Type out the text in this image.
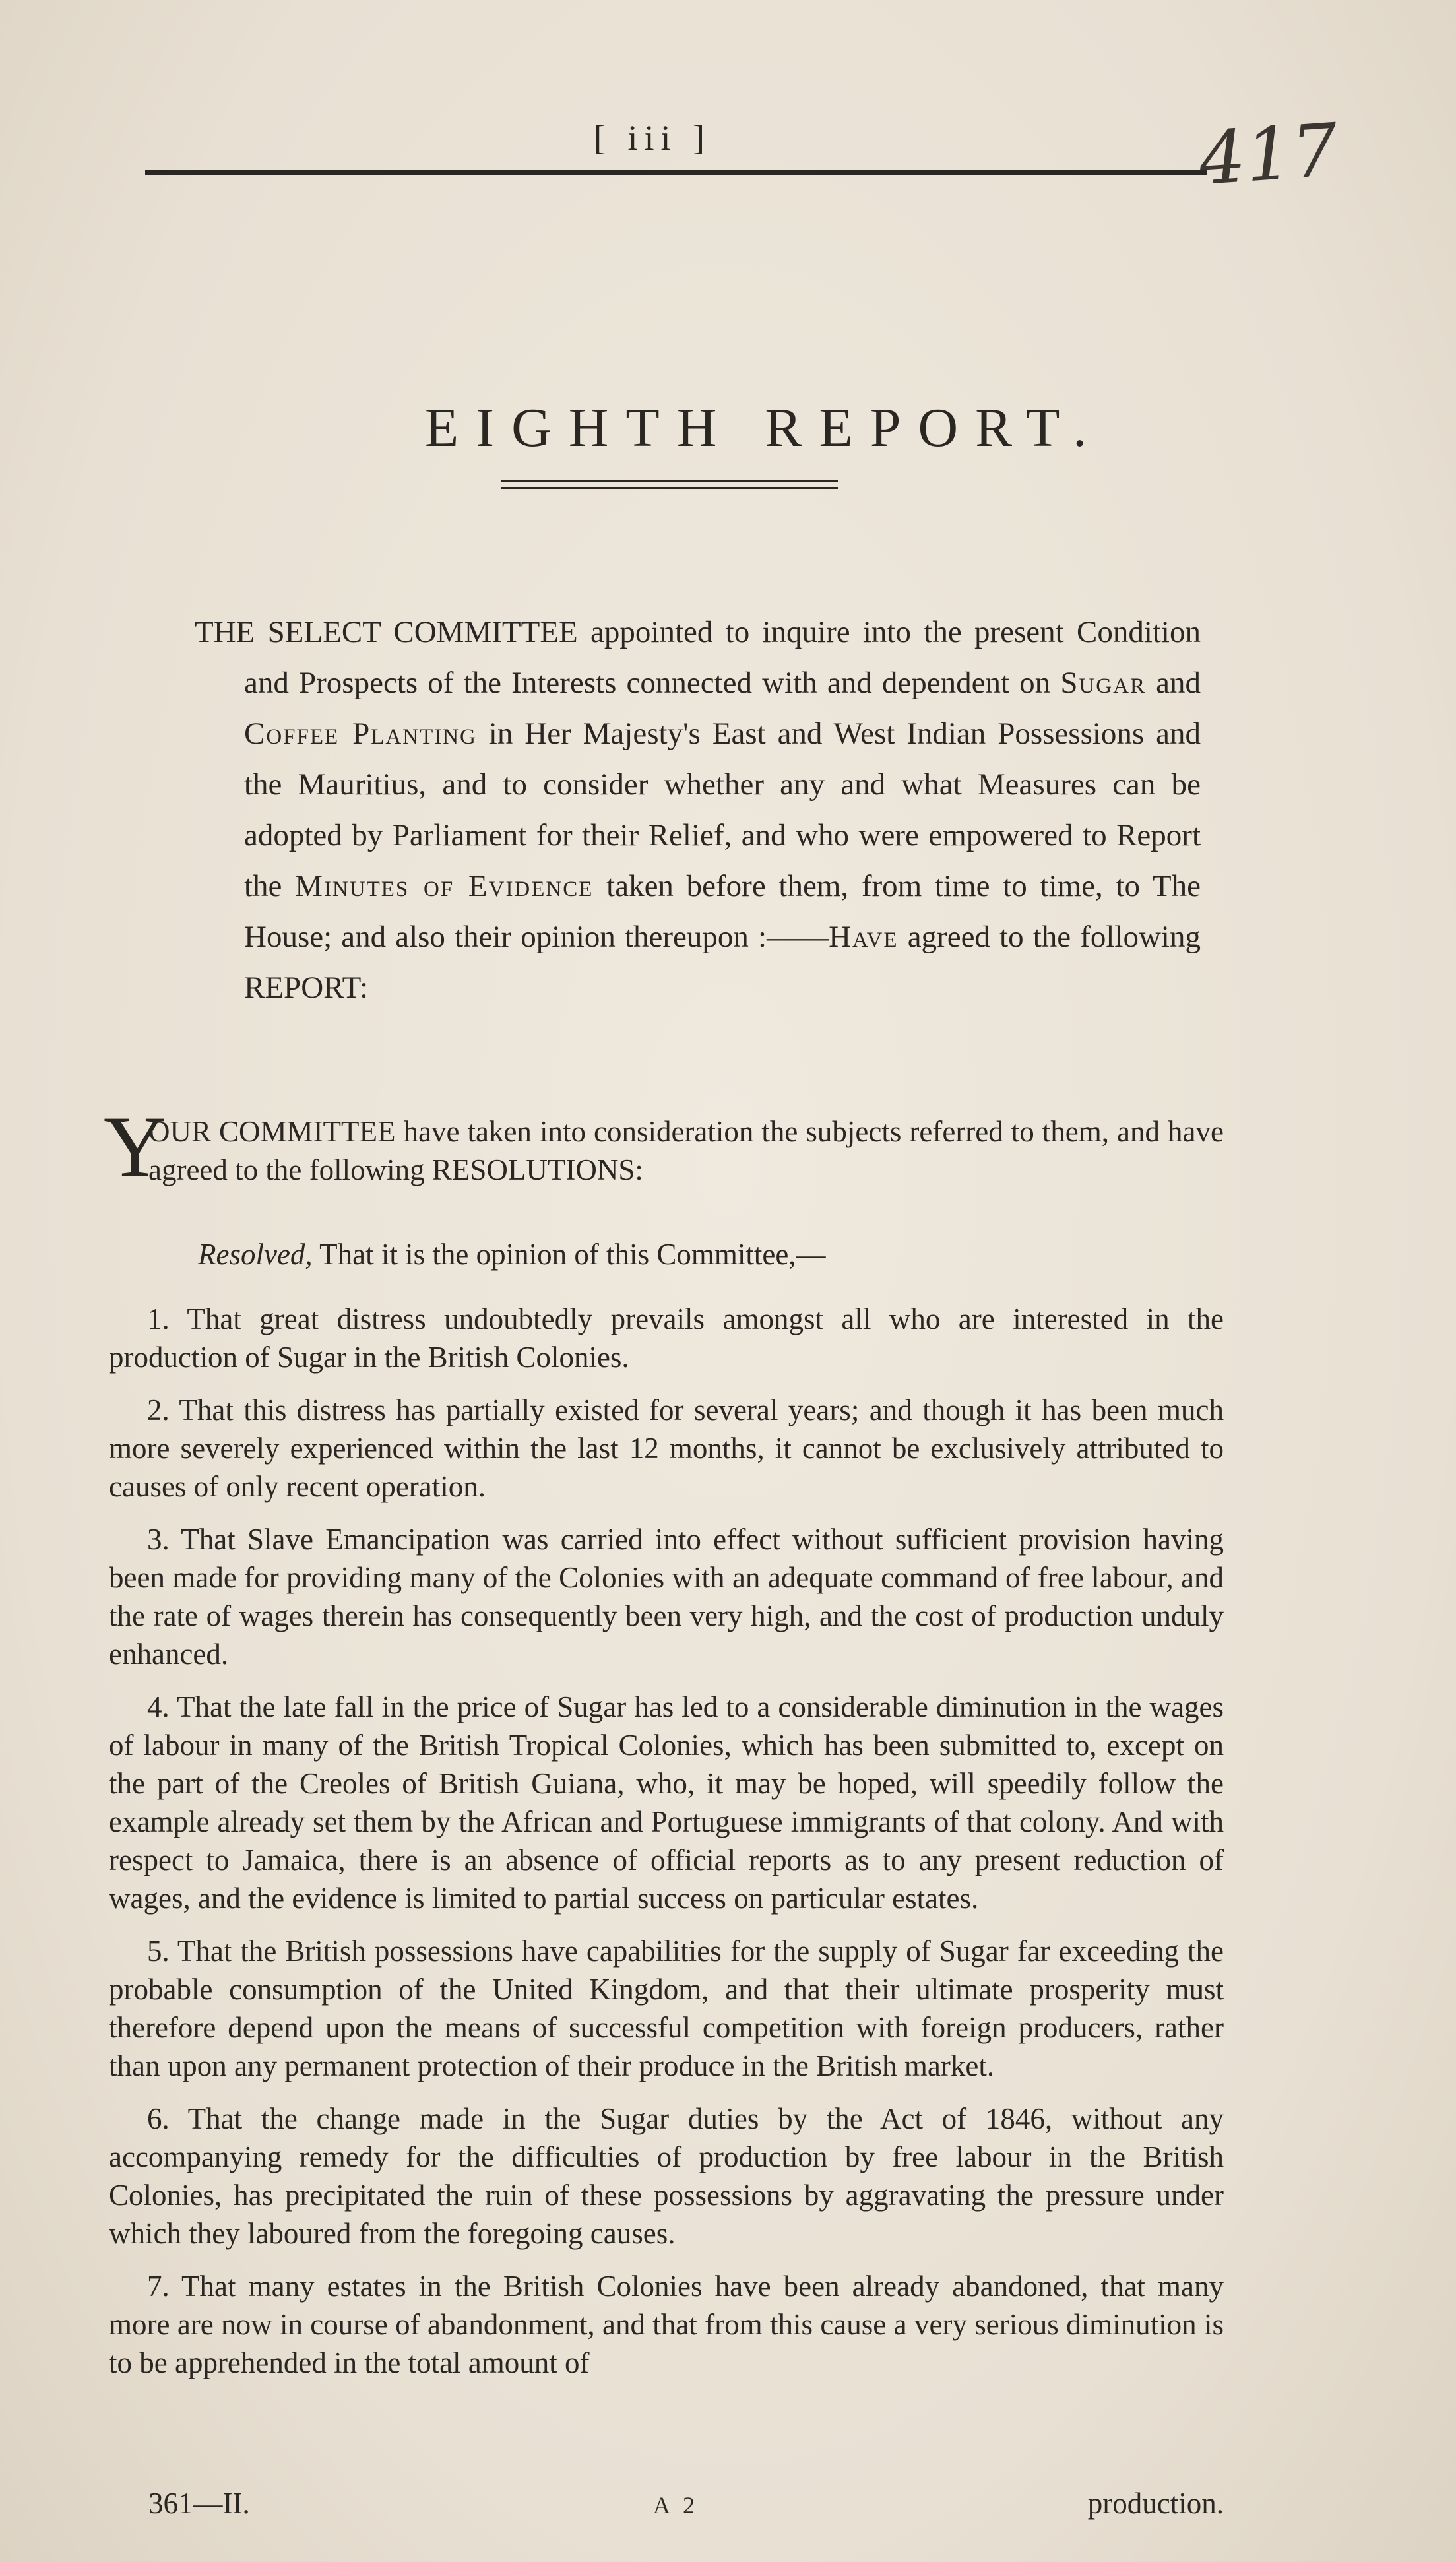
[ iii ]	417
EIGHTH REPORT.
THE SELECT COMMITTEE appointed to inquire into the present Condition and Prospects of the Interests connected with and dependent on Sugar and Coffee Planting in Her Majesty's East and West Indian Possessions and the Mauritius, and to consider whether any and what Measures can be adopted by Parliament for their Relief, and who were empowered to Report the Minutes of Evidence taken before them, from time to time, to The House; and also their opinion thereupon :——Have agreed to the following REPORT:

Y
OUR COMMITTEE have taken into consideration the subjects referred to them, and have agreed to the following RESOLUTIONS:

Resolved, That it is the opinion of this Committee,—

1. That great distress undoubtedly prevails amongst all who are interested in the production of Sugar in the British Colonies.

2. That this distress has partially existed for several years; and though it has been much more severely experienced within the last 12 months, it cannot be exclusively attributed to causes of only recent operation.

3. That Slave Emancipation was carried into effect without sufficient provision having been made for providing many of the Colonies with an adequate command of free labour, and the rate of wages therein has consequently been very high, and the cost of production unduly enhanced.

4. That the late fall in the price of Sugar has led to a considerable diminution in the wages of labour in many of the British Tropical Colonies, which has been submitted to, except on the part of the Creoles of British Guiana, who, it may be hoped, will speedily follow the example already set them by the African and Portuguese immigrants of that colony. And with respect to Jamaica, there is an absence of official reports as to any present reduction of wages, and the evidence is limited to partial success on particular estates.

5. That the British possessions have capabilities for the supply of Sugar far exceeding the probable consumption of the United Kingdom, and that their ultimate prosperity must therefore depend upon the means of successful competition with foreign producers, rather than upon any permanent protection of their produce in the British market.

6. That the change made in the Sugar duties by the Act of 1846, without any accompanying remedy for the difficulties of production by free labour in the British Colonies, has precipitated the ruin of these possessions by aggravating the pressure under which they laboured from the foregoing causes.

7. That many estates in the British Colonies have been already abandoned, that many more are now in course of abandonment, and that from this cause a very serious diminution is to be apprehended in the total amount of

361—II.	A 2	production.
